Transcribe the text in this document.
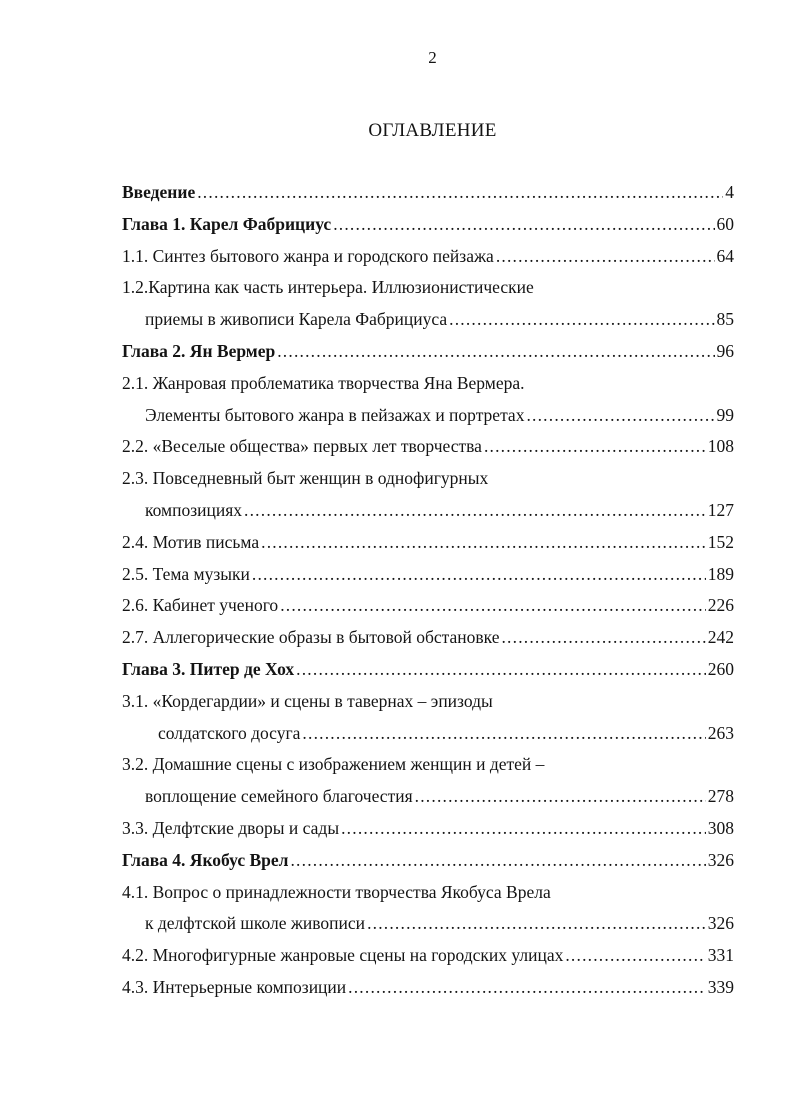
2
ОГЛАВЛЕНИЕ
Введение .....	4
Глава 1. Карел Фабрициус .....	60
1.1. Синтез бытового жанра и городского пейзажа .....	64
1.2.Картина как часть интерьера. Иллюзионистические
приемы в живописи Карела Фабрициуса .....	85
Глава 2. Ян Вермер .....	96
2.1. Жанровая проблематика творчества Яна Вермера.
Элементы бытового жанра в пейзажах и портретах .....	99
2.2. «Веселые общества» первых лет творчества .....	108
2.3. Повседневный быт женщин в однофигурных
композициях .....	127
2.4. Мотив письма .....	152
2.5. Тема музыки .....	189
2.6. Кабинет ученого .....	226
2.7. Аллегорические образы в бытовой обстановке .....	242
Глава 3. Питер де Хох .....	260
3.1. «Кордегардии» и сцены в тавернах – эпизоды
солдатского досуга .....	263
3.2. Домашние сцены с изображением женщин и детей –
воплощение семейного благочестия .....	278
3.3. Делфтские дворы и сады .....	308
Глава 4. Якобус Врел .....	326
4.1. Вопрос о принадлежности творчества Якобуса Врела
к делфтской школе живописи .....	326
4.2. Многофигурные жанровые сцены на городских улицах .....	331
4.3. Интерьерные композиции .....	339
